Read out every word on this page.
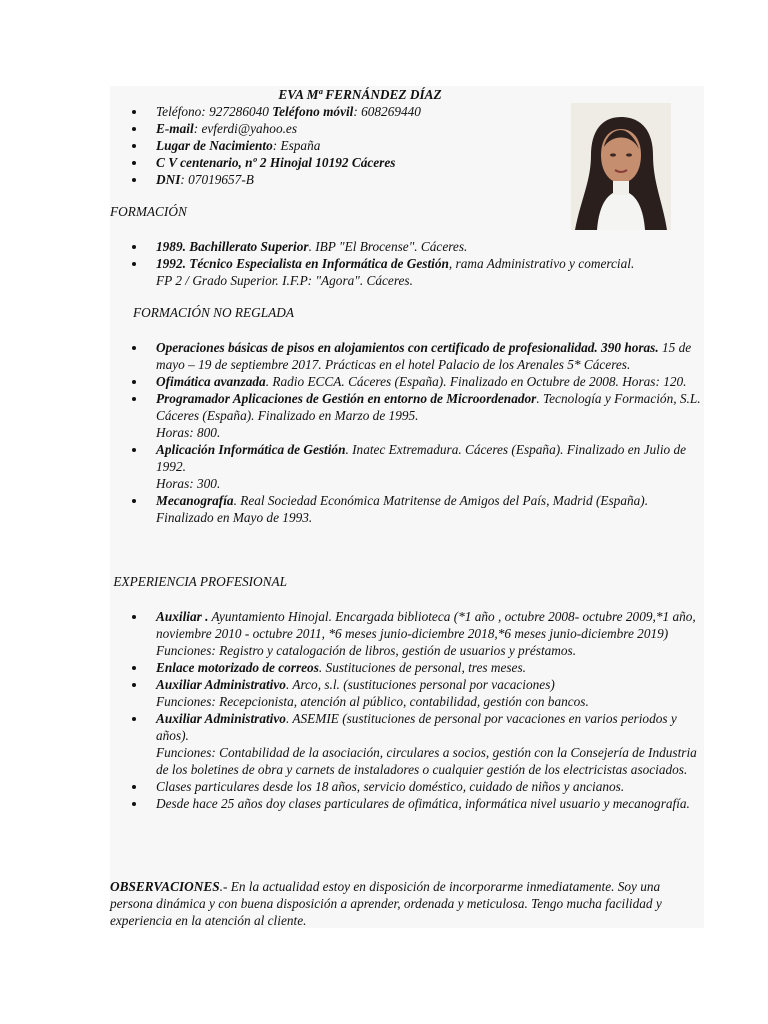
EVA Mª FERNÁNDEZ DÍAZ
Teléfono: 927286040 Teléfono móvil: 608269440
E-mail: evferdi@yahoo.es
Lugar de Nacimiento: España
C V centenario, nº 2 Hinojal 10192 Cáceres
DNI: 07019657-B
FORMACIÓN
1989. Bachillerato Superior. IBP "El Brocense". Cáceres.
1992. Técnico Especialista en Informática de Gestión, rama Administrativo y comercial. FP 2 / Grado Superior. I.F.P: "Agora". Cáceres.
FORMACIÓN NO REGLADA
Operaciones básicas de pisos en alojamientos con certificado de profesionalidad. 390 horas. 15 de mayo – 19 de septiembre 2017. Prácticas en el hotel Palacio de los Arenales 5* Cáceres.
Ofimática avanzada. Radio ECCA. Cáceres (España). Finalizado en Octubre de 2008. Horas: 120.
Programador Aplicaciones de Gestión en entorno de Microordenador. Tecnología y Formación, S.L. Cáceres (España). Finalizado en Marzo de 1995.
Horas: 800.
Aplicación Informática de Gestión. Inatec Extremadura. Cáceres (España). Finalizado en Julio de 1992.
Horas: 300.
Mecanografía. Real Sociedad Económica Matritense de Amigos del País, Madrid (España). Finalizado en Mayo de 1993.
EXPERIENCIA PROFESIONAL
Auxiliar . Ayuntamiento Hinojal. Encargada biblioteca (*1 año , octubre 2008- octubre 2009,*1 año, noviembre 2010 - octubre 2011, *6 meses junio-diciembre 2018,*6 meses junio-diciembre 2019)
Funciones: Registro y catalogación de libros, gestión de usuarios y préstamos.
Enlace motorizado de correos. Sustituciones de personal, tres meses.
Auxiliar Administrativo. Arco, s.l. (sustituciones personal por vacaciones)
Funciones: Recepcionista, atención al público, contabilidad, gestión con bancos.
Auxiliar Administrativo. ASEMIE (sustituciones de personal por vacaciones en varios periodos y años).
Funciones: Contabilidad de la asociación, circulares a socios, gestión con la Consejería de Industria de los boletines de obra y carnets de instaladores o cualquier gestión de los electricistas asociados.
Clases particulares desde los 18 años, servicio doméstico, cuidado de niños y ancianos.
Desde hace 25 años doy clases particulares de ofimática, informática nivel usuario y mecanografía.
OBSERVACIONES.- En la actualidad estoy en disposición de incorporarme inmediatamente. Soy una persona dinámica y con buena disposición a aprender, ordenada y meticulosa. Tengo mucha facilidad y experiencia en la atención al cliente.
